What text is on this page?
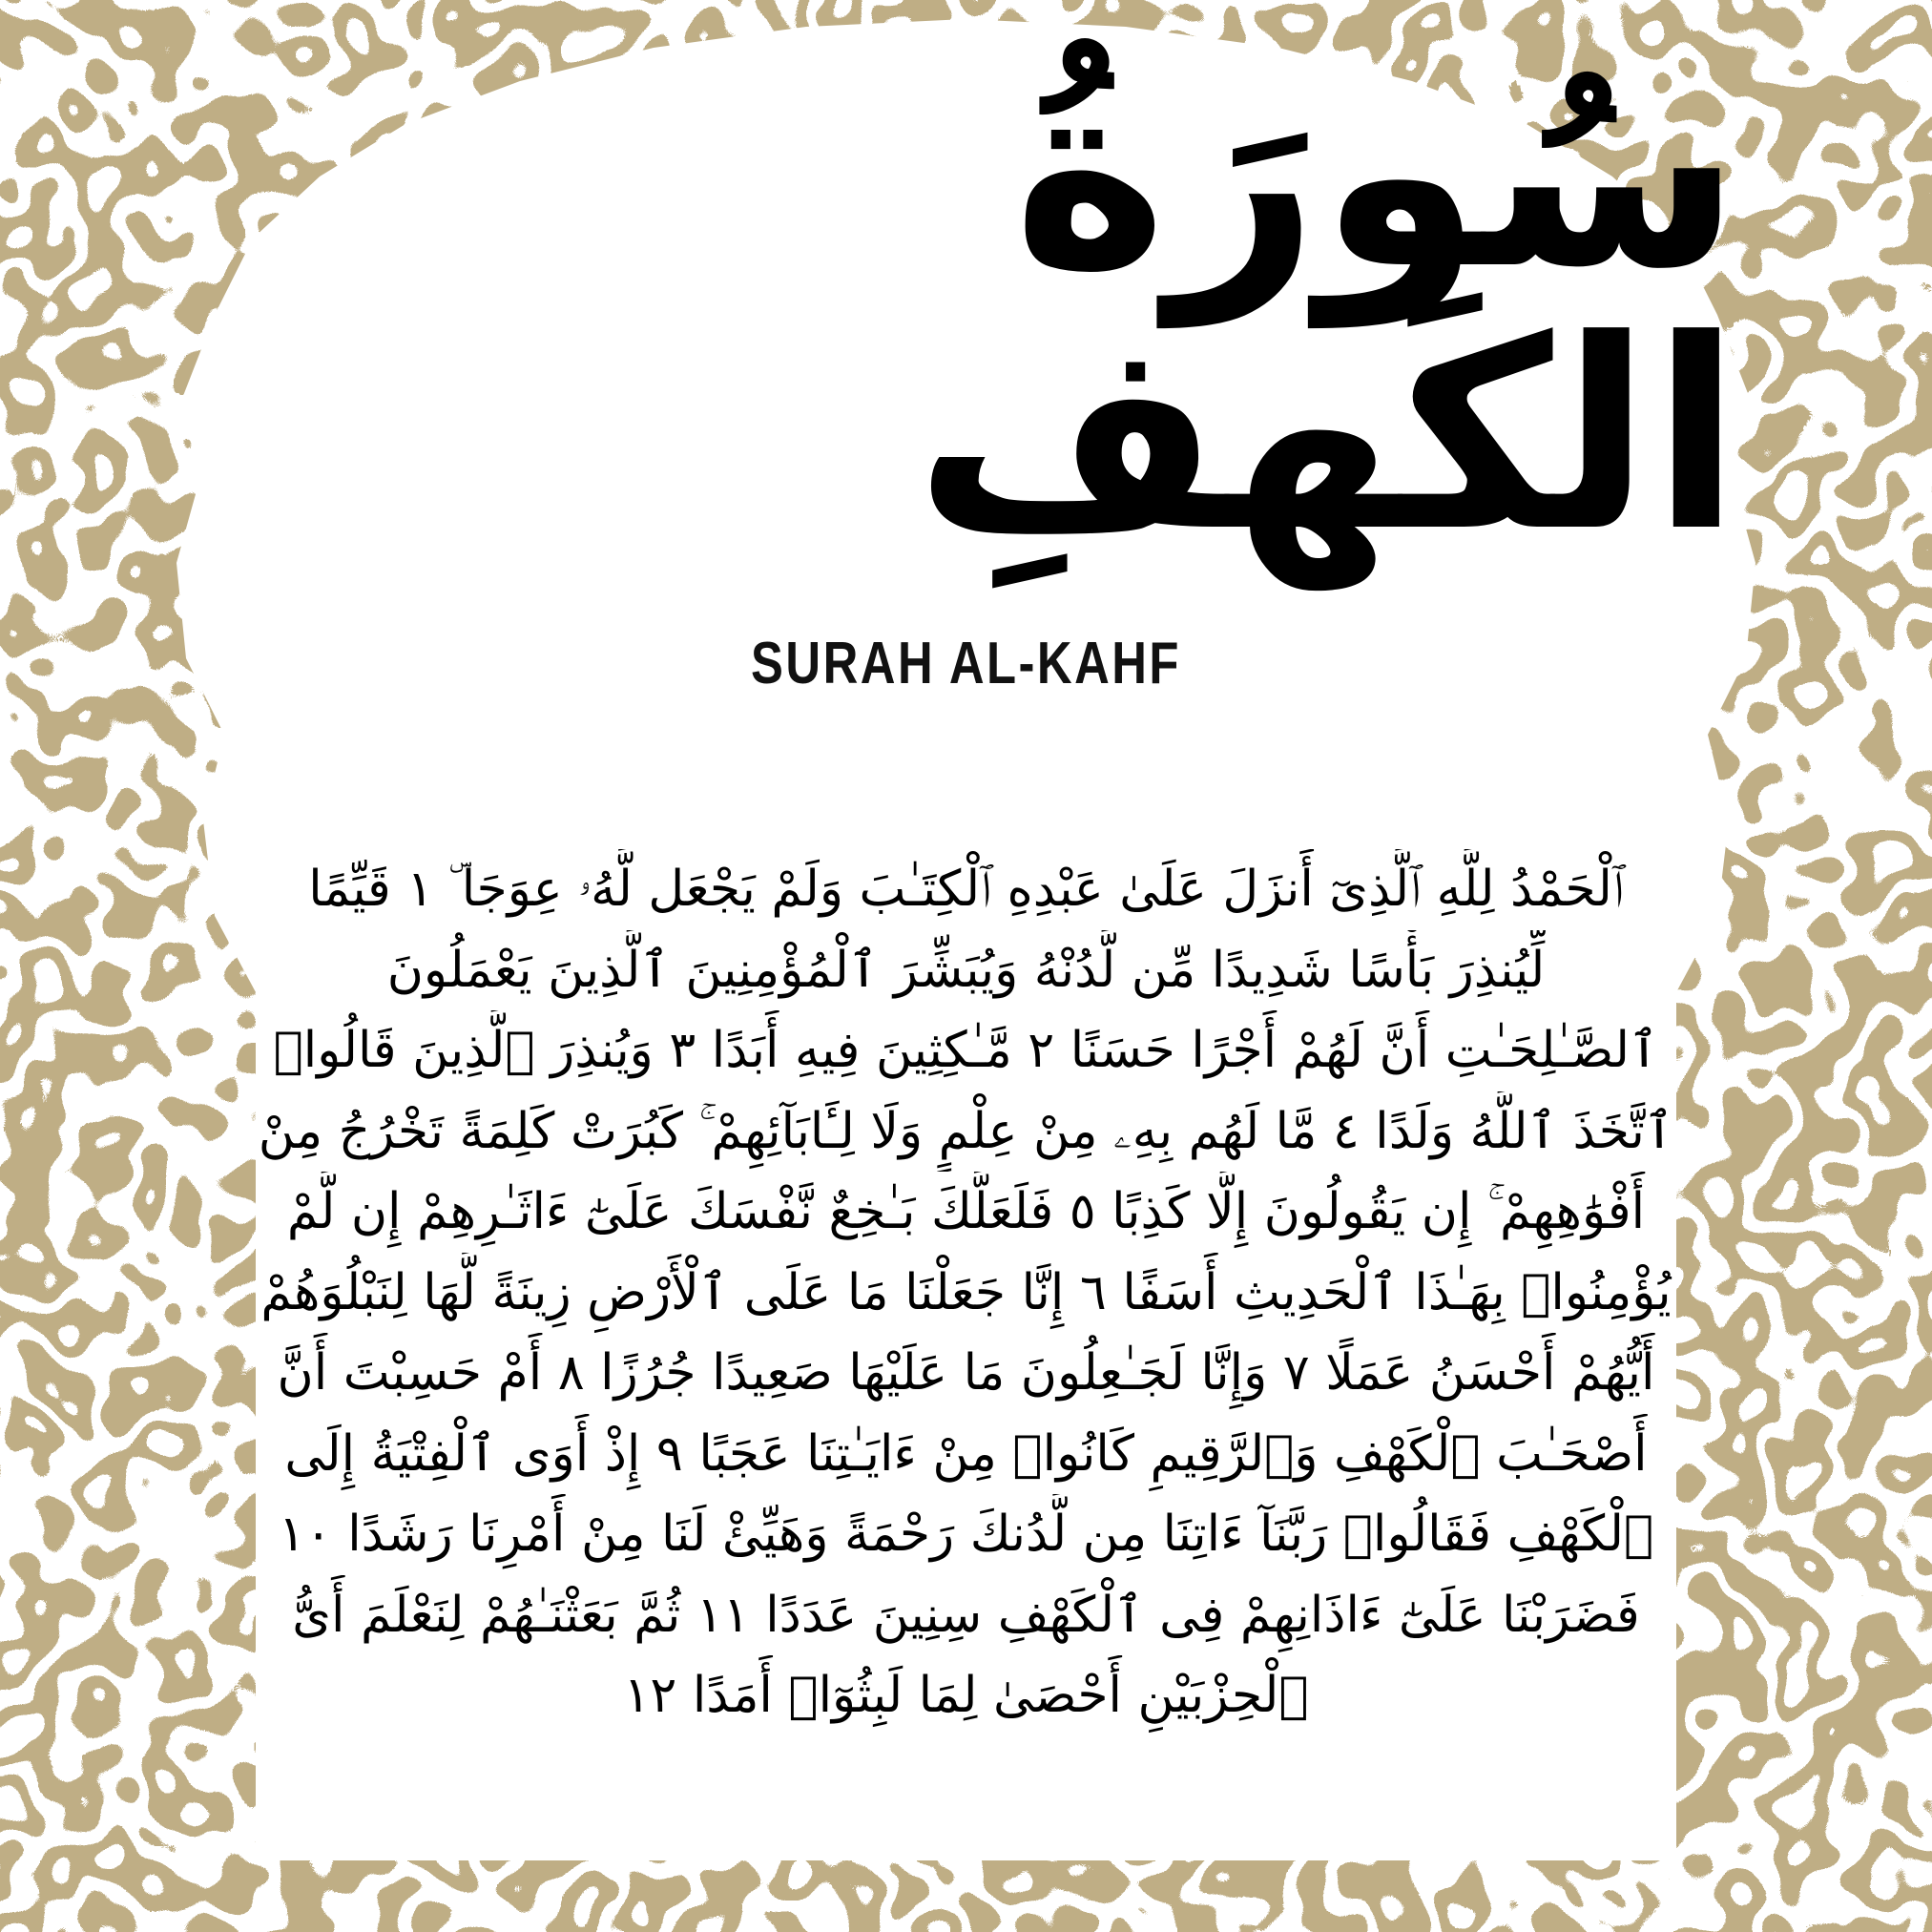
سُورَةُ الكَهفِ
SURAH AL-KAHF
ٱلْحَمْدُ لِلَّهِ ٱلَّذِىٓ أَنزَلَ عَلَىٰ عَبْدِهِ ٱلْكِتَـٰبَ وَلَمْ يَجْعَل لَّهُۥ عِوَجَا ۜ ١ قَيِّمًا
لِّيُنذِرَ بَأْسًا شَدِيدًا مِّن لَّدُنْهُ وَيُبَشِّرَ ٱلْمُؤْمِنِينَ ٱلَّذِينَ يَعْمَلُونَ
ٱلصَّـٰلِحَـٰتِ أَنَّ لَهُمْ أَجْرًا حَسَنًا ٢ مَّـٰكِثِينَ فِيهِ أَبَدًا ٣ وَيُنذِرَ ٱلَّذِينَ قَالُوا۟
ٱتَّخَذَ ٱللَّهُ وَلَدًا ٤ مَّا لَهُم بِهِۦ مِنْ عِلْمٍ وَلَا لِـَٔابَآئِهِمْ ۚ كَبُرَتْ كَلِمَةً تَخْرُجُ مِنْ
أَفْوَٰهِهِمْ ۚ إِن يَقُولُونَ إِلَّا كَذِبًا ٥ فَلَعَلَّكَ بَـٰخِعٌ نَّفْسَكَ عَلَىٰٓ ءَاثَـٰرِهِمْ إِن لَّمْ
يُؤْمِنُوا۟ بِهَـٰذَا ٱلْحَدِيثِ أَسَفًا ٦ إِنَّا جَعَلْنَا مَا عَلَى ٱلْأَرْضِ زِينَةً لَّهَا لِنَبْلُوَهُمْ
أَيُّهُمْ أَحْسَنُ عَمَلًا ٧ وَإِنَّا لَجَـٰعِلُونَ مَا عَلَيْهَا صَعِيدًا جُرُزًا ٨ أَمْ حَسِبْتَ أَنَّ
أَصْحَـٰبَ ٱلْكَهْفِ وَٱلرَّقِيمِ كَانُوا۟ مِنْ ءَايَـٰتِنَا عَجَبًا ٩ إِذْ أَوَى ٱلْفِتْيَةُ إِلَى
ٱلْكَهْفِ فَقَالُوا۟ رَبَّنَآ ءَاتِنَا مِن لَّدُنكَ رَحْمَةً وَهَيِّئْ لَنَا مِنْ أَمْرِنَا رَشَدًا ١٠
فَضَرَبْنَا عَلَىٰٓ ءَاذَانِهِمْ فِى ٱلْكَهْفِ سِنِينَ عَدَدًا ١١ ثُمَّ بَعَثْنَـٰهُمْ لِنَعْلَمَ أَىُّ
ٱلْحِزْبَيْنِ أَحْصَىٰ لِمَا لَبِثُوٓا۟ أَمَدًا ١٢
